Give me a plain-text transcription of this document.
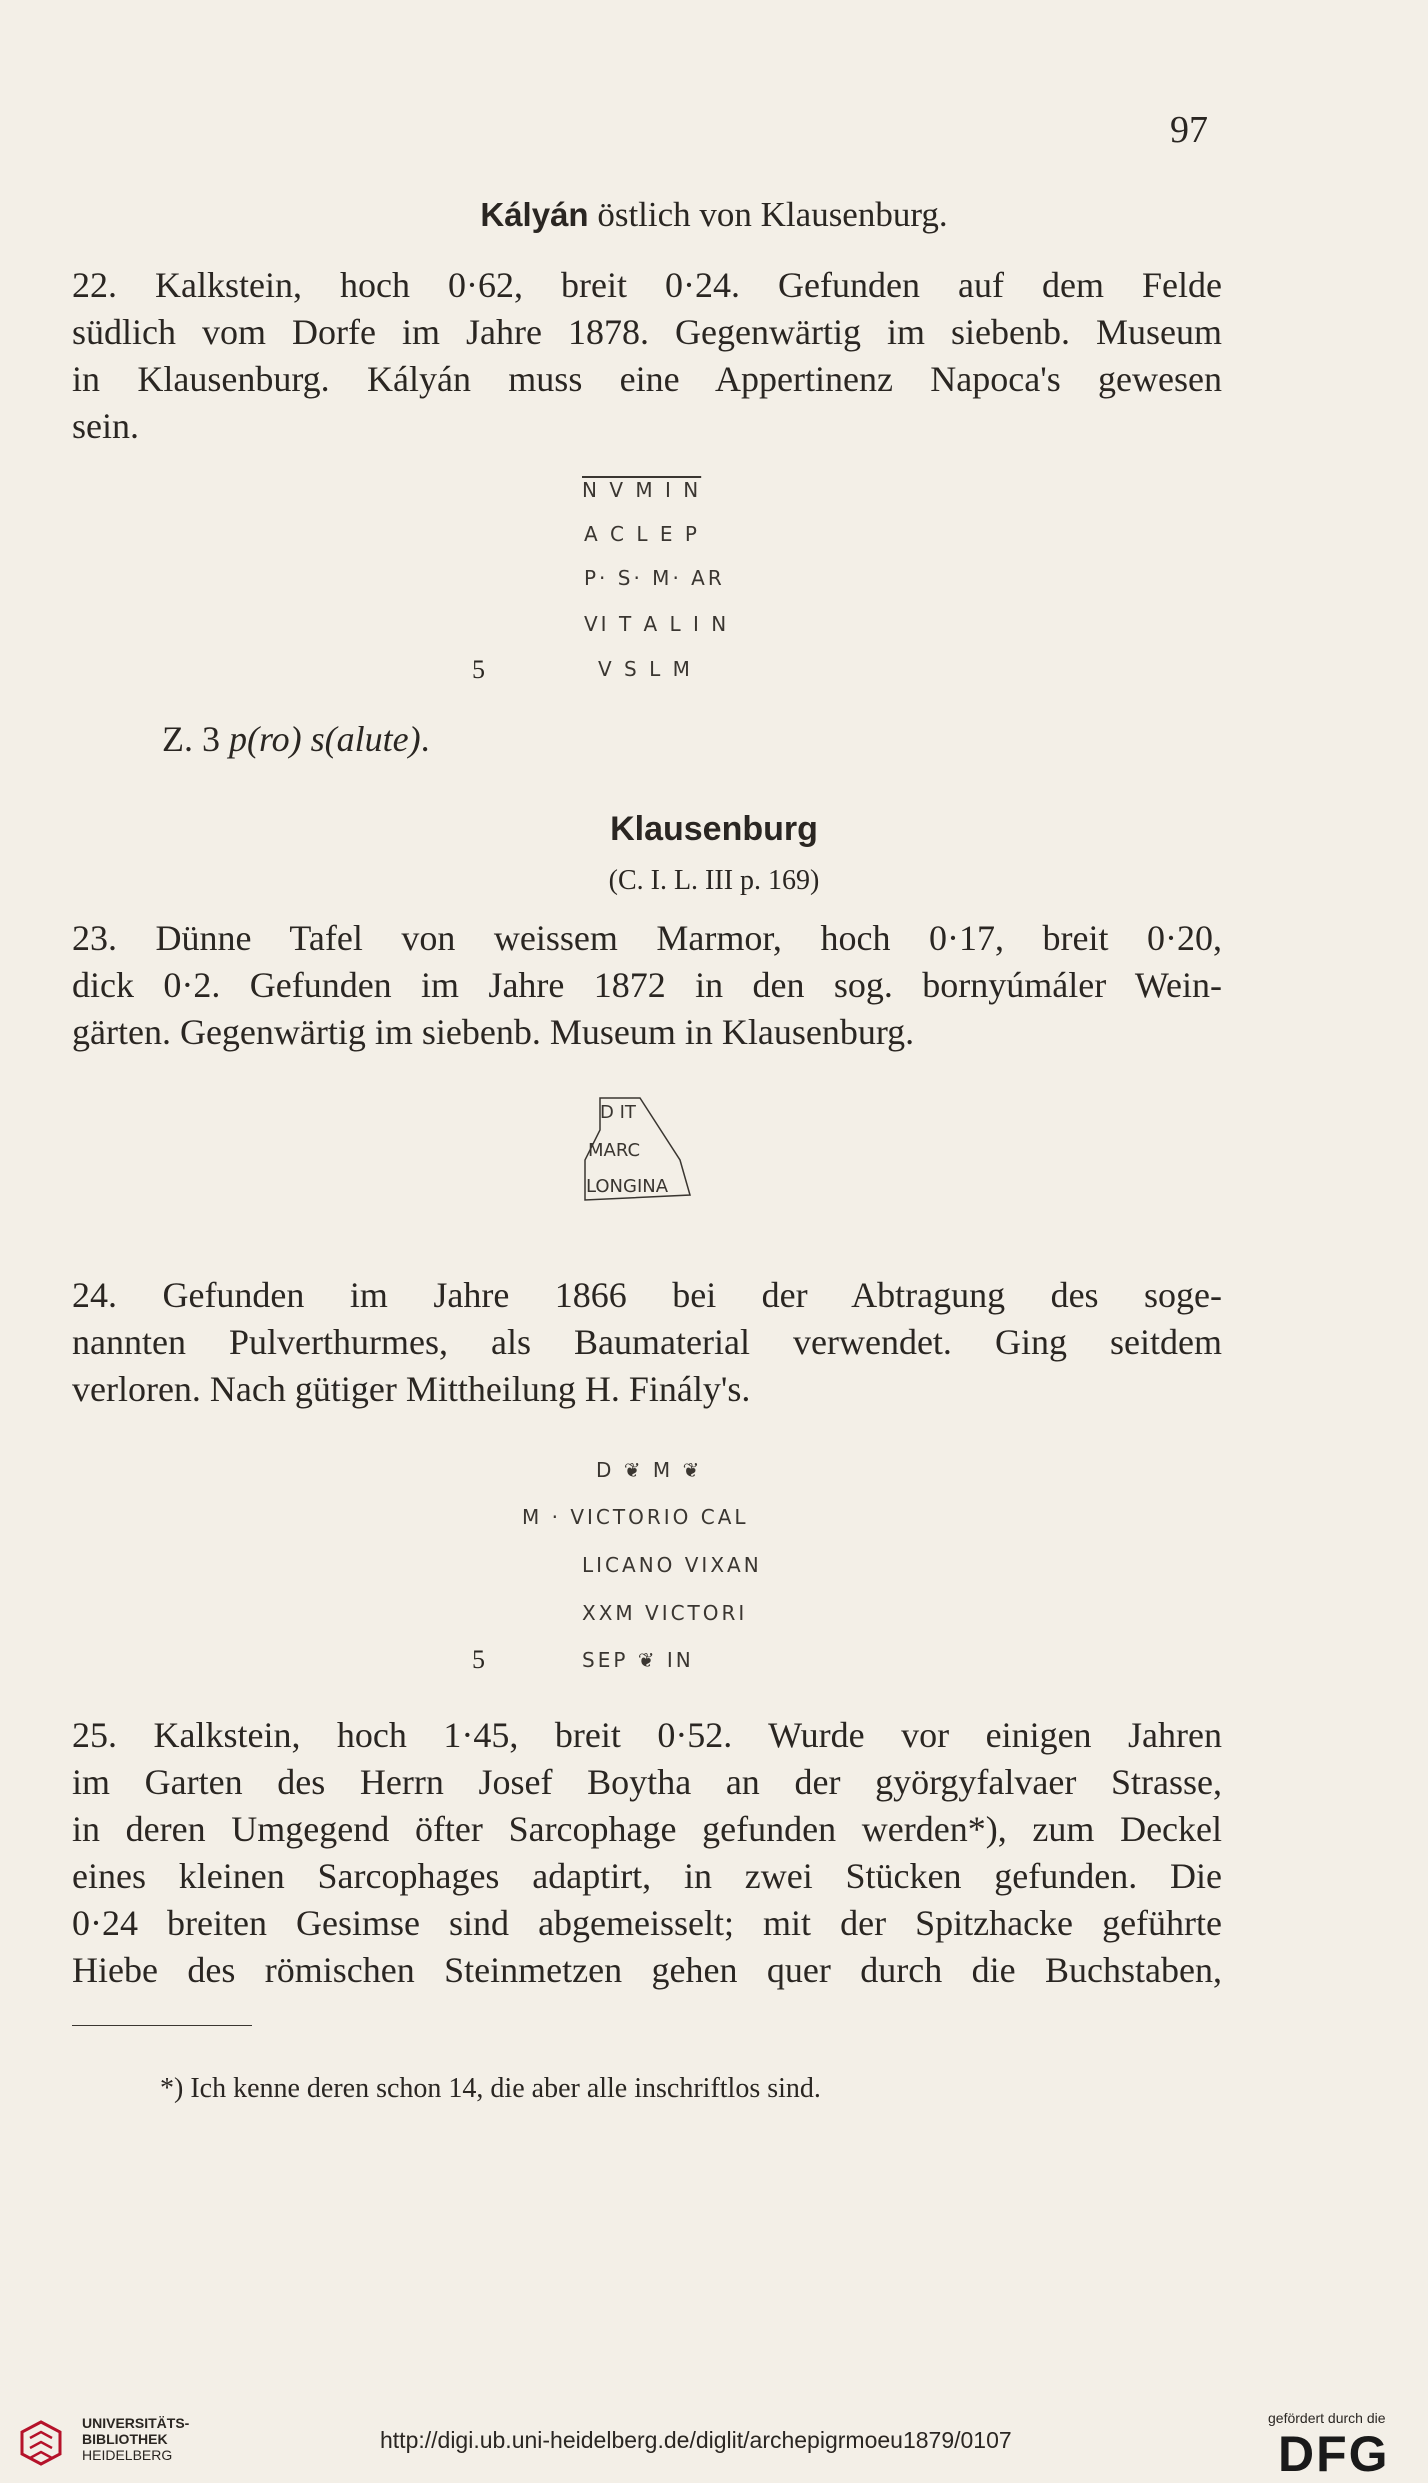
97
Kályán östlich von Klausenburg.
22. Kalkstein, hoch 0·62, breit 0·24. Gefunden auf dem Felde
südlich vom Dorfe im Jahre 1878. Gegenwärtig im siebenb. Museum
in Klausenburg. Kályán muss eine Appertinenz Napoca's gewesen
sein.
N V M I N
A C L E P
P· S· M· AR
VI T A L I N
V S L M
5
Z. 3 p(ro) s(alute).
Klausenburg
(C. I. L. III p. 169)
23. Dünne Tafel von weissem Marmor, hoch 0·17, breit 0·20,
dick 0·2. Gefunden im Jahre 1872 in den sog. bornyúmáler Wein-
gärten. Gegenwärtig im siebenb. Museum in Klausenburg.
D IT
MARC
LONGINA
24. Gefunden im Jahre 1866 bei der Abtragung des soge-
nannten Pulverthurmes, als Baumaterial verwendet. Ging seitdem
verloren. Nach gütiger Mittheilung H. Finály's.
D ❦ M ❦
M · VICTORIO CAL
LICANO VIXAN
XXM VICTORI
SEP ❦ IN
5
25. Kalkstein, hoch 1·45, breit 0·52. Wurde vor einigen Jahren
im Garten des Herrn Josef Boytha an der györgyfalvaer Strasse,
in deren Umgegend öfter Sarcophage gefunden werden*), zum Deckel
eines kleinen Sarcophages adaptirt, in zwei Stücken gefunden. Die
0·24 breiten Gesimse sind abgemeisselt; mit der Spitzhacke geführte
Hiebe des römischen Steinmetzen gehen quer durch die Buchstaben,
*) Ich kenne deren schon 14, die aber alle inschriftlos sind.
UNIVERSITÄTS-
BIBLIOTHEK
HEIDELBERG
http://digi.ub.uni-heidelberg.de/diglit/archepigrmoeu1879/0107
gefördert durch die
DFG
